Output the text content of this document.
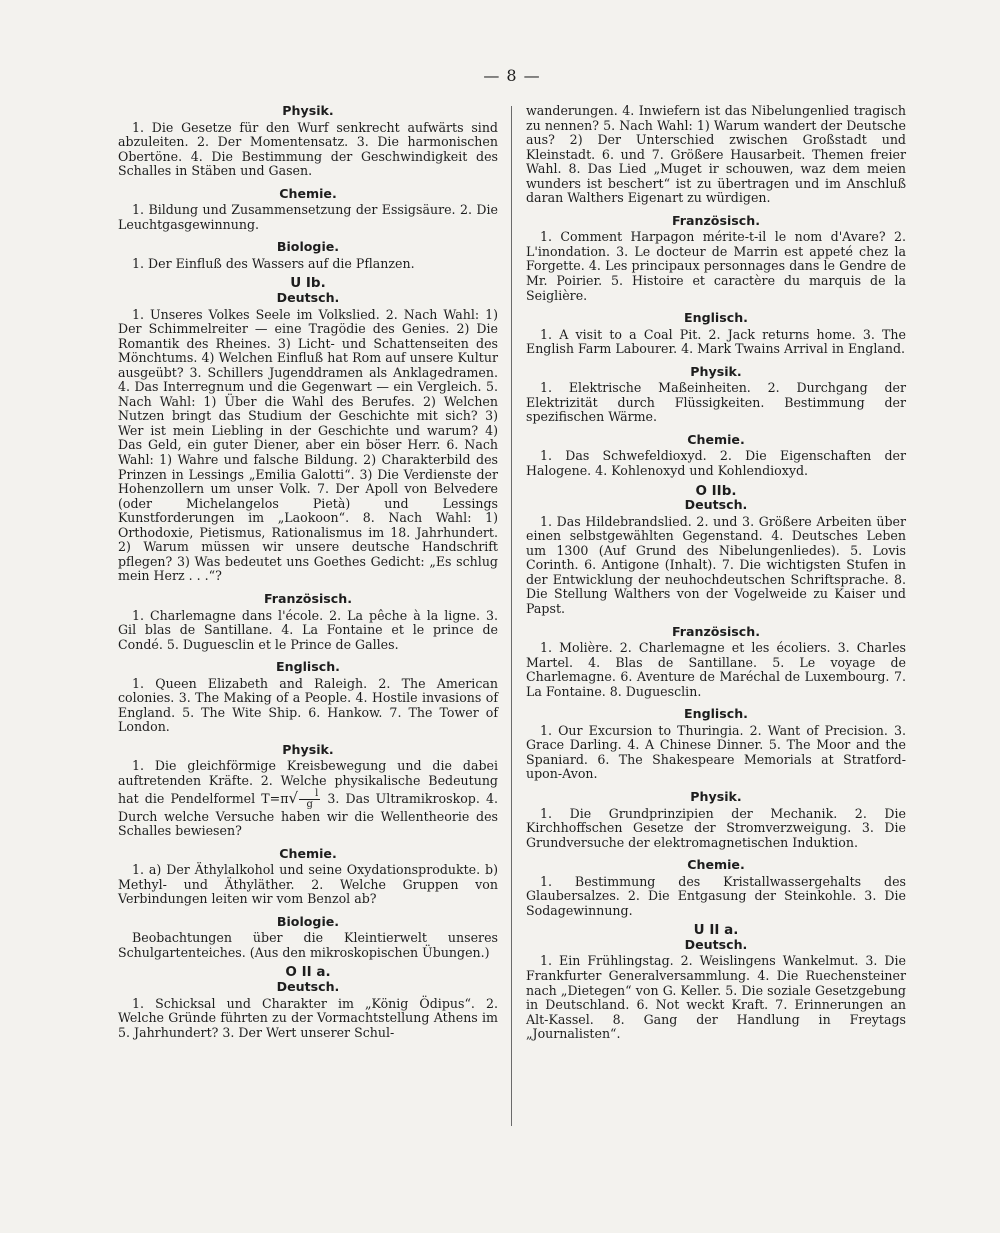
— 8 —
Physik.

1. Die Gesetze für den Wurf senkrecht aufwärts sind abzuleiten. 2. Der Momentensatz. 3. Die harmonischen Obertöne. 4. Die Bestimmung der Geschwindigkeit des Schalles in Stäben und Gasen.

Chemie.

1. Bildung und Zusammensetzung der Essigsäure. 2. Die Leuchtgasgewinnung.

Biologie.

1. Der Einfluß des Wassers auf die Pflanzen.

U Ib.
Deutsch.

1. Unseres Volkes Seele im Volkslied. 2. Nach Wahl: 1) Der Schimmelreiter — eine Tragödie des Genies. 2) Die Romantik des Rheines. 3) Licht- und Schattenseiten des Mönchtums. 4) Welchen Einfluß hat Rom auf unsere Kultur ausgeübt? 3. Schillers Jugenddramen als Anklagedramen. 4. Das Interregnum und die Gegenwart — ein Vergleich. 5. Nach Wahl: 1) Über die Wahl des Berufes. 2) Welchen Nutzen bringt das Studium der Geschichte mit sich? 3) Wer ist mein Liebling in der Geschichte und warum? 4) Das Geld, ein guter Diener, aber ein böser Herr. 6. Nach Wahl: 1) Wahre und falsche Bildung. 2) Charakterbild des Prinzen in Lessings „Emilia Galotti“. 3) Die Verdienste der Hohenzollern um unser Volk. 7. Der Apoll von Belvedere (oder Michelangelos Pietà) und Lessings Kunstforderungen im „Laokoon“. 8. Nach Wahl: 1) Orthodoxie, Pietismus, Rationalismus im 18. Jahrhundert. 2) Warum müssen wir unsere deutsche Handschrift pflegen? 3) Was bedeutet uns Goethes Gedicht: „Es schlug mein Herz . . .“?

Französisch.

1. Charlemagne dans l'école. 2. La pêche à la ligne. 3. Gil blas de Santillane. 4. La Fontaine et le prince de Condé. 5. Duguesclin et le Prince de Galles.

Englisch.

1. Queen Elizabeth and Raleigh. 2. The American colonies. 3. The Making of a People. 4. Hostile invasions of England. 5. The Wite Ship. 6. Hankow. 7. The Tower of London.

Physik.

1. Die gleichförmige Kreisbewegung und die dabei auftretenden Kräfte. 2. Welche physikalische Bedeutung hat die Pendelformel $T=\pi√ \frac{l}{g} 3$. Das Ultramikroskop. 4. Durch welche Versuche haben wir die Wellentheorie des Schalles bewiesen?

Chemie.

1. a) Der Äthylalkohol und seine Oxydationsprodukte. b) Methyl- und Äthyläther. 2. Welche Gruppen von Verbindungen leiten wir vom Benzol ab?

Biologie.

Beobachtungen über die Kleintierwelt unseres Schulgartenteiches. (Aus den mikroskopischen Übungen.)

O II a.
Deutsch.

1. Schicksal und Charakter im „König Ödipus“. 2. Welche Gründe führten zu der Vormachtstellung Athens im 5. Jahrhundert? 3. Der Wert unserer Schul-

wanderungen. 4. Inwiefern ist das Nibelungenlied tragisch zu nennen? 5. Nach Wahl: 1) Warum wandert der Deutsche aus? 2) Der Unterschied zwischen Großstadt und Kleinstadt. 6. und 7. Größere Hausarbeit. Themen freier Wahl. 8. Das Lied „Muget ir schouwen, waz dem meien wunders ist beschert“ ist zu übertragen und im Anschluß daran Walthers Eigenart zu würdigen.

Französisch.

1. Comment Harpagon mérite-t-il le nom d'Avare? 2. L'inondation. 3. Le docteur de Marrin est appeté chez la Forgette. 4. Les principaux personnages dans le Gendre de Mr. Poirier. 5. Histoire et caractère du marquis de la Seiglière.

Englisch.

1. A visit to a Coal Pit. 2. Jack returns home. 3. The English Farm Labourer. 4. Mark Twains Arrival in England.

Physik.

1. Elektrische Maßeinheiten. 2. Durchgang der Elektrizität durch Flüssigkeiten. Bestimmung der spezifischen Wärme.

Chemie.

1. Das Schwefeldioxyd. 2. Die Eigenschaften der Halogene. 4. Kohlenoxyd und Kohlendioxyd.

O IIb.
Deutsch.

1. Das Hildebrandslied. 2. und 3. Größere Arbeiten über einen selbstgewählten Gegenstand. 4. Deutsches Leben um 1300 (Auf Grund des Nibelungenliedes). 5. Lovis Corinth. 6. Antigone (Inhalt). 7. Die wichtigsten Stufen in der Entwicklung der neuhochdeutschen Schriftsprache. 8. Die Stellung Walthers von der Vogelweide zu Kaiser und Papst.

Französisch.

1. Molière. 2. Charlemagne et les écoliers. 3. Charles Martel. 4. Blas de Santillane. 5. Le voyage de Charlemagne. 6. Aventure de Maréchal de Luxembourg. 7. La Fontaine. 8. Duguesclin.

Englisch.

1. Our Excursion to Thuringia. 2. Want of Precision. 3. Grace Darling. 4. A Chinese Dinner. 5. The Moor and the Spaniard. 6. The Shakespeare Memorials at Stratford-upon-Avon.

Physik.

1. Die Grundprinzipien der Mechanik. 2. Die Kirchhoffschen Gesetze der Stromverzweigung. 3. Die Grundversuche der elektromagnetischen Induktion.

Chemie.

1. Bestimmung des Kristallwassergehalts des Glaubersalzes. 2. Die Entgasung der Steinkohle. 3. Die Sodagewinnung.

U II a.
Deutsch.

1. Ein Frühlingstag. 2. Weislingens Wankelmut. 3. Die Frankfurter Generalversammlung. 4. Die Ruechensteiner nach „Dietegen“ von G. Keller. 5. Die soziale Gesetzgebung in Deutschland. 6. Not weckt Kraft. 7. Erinnerungen an Alt-Kassel. 8. Gang der Handlung in Freytags „Journalisten“.
